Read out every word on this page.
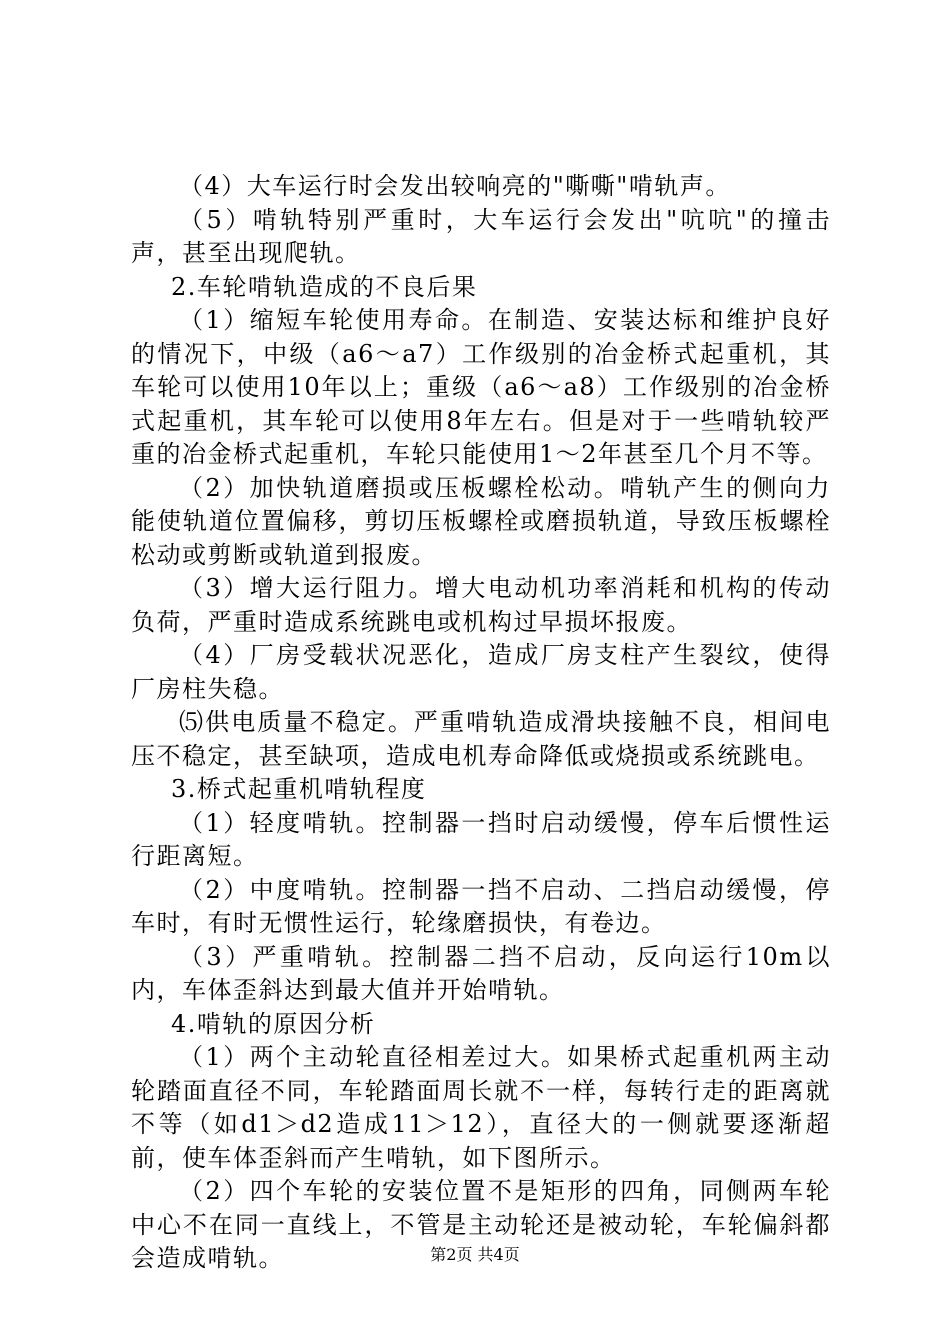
（4）大车运行时会发出较响亮的"嘶嘶"啃轨声。

（5）啃轨特别严重时，大车运行会发出"吭吭"的撞击声，甚至出现爬轨。

2.车轮啃轨造成的不良后果

（1）缩短车轮使用寿命。在制造、安装达标和维护良好的情况下，中级（a6～a7）工作级别的冶金桥式起重机，其车轮可以使用10年以上；重级（a6～a8）工作级别的冶金桥式起重机，其车轮可以使用8年左右。但是对于一些啃轨较严重的冶金桥式起重机，车轮只能使用1～2年甚至几个月不等。

（2）加快轨道磨损或压板螺栓松动。啃轨产生的侧向力能使轨道位置偏移，剪切压板螺栓或磨损轨道，导致压板螺栓松动或剪断或轨道到报废。

（3）增大运行阻力。增大电动机功率消耗和机构的传动负荷，严重时造成系统跳电或机构过早损坏报废。

（4）厂房受载状况恶化，造成厂房支柱产生裂纹，使得厂房柱失稳。

⑸供电质量不稳定。严重啃轨造成滑块接触不良，相间电压不稳定，甚至缺项，造成电机寿命降低或烧损或系统跳电。

3.桥式起重机啃轨程度

（1）轻度啃轨。控制器一挡时启动缓慢，停车后惯性运行距离短。

（2）中度啃轨。控制器一挡不启动、二挡启动缓慢，停车时，有时无惯性运行，轮缘磨损快，有卷边。

（3）严重啃轨。控制器二挡不启动，反向运行10m以内，车体歪斜达到最大值并开始啃轨。

4.啃轨的原因分析

（1）两个主动轮直径相差过大。如果桥式起重机两主动轮踏面直径不同，车轮踏面周长就不一样，每转行走的距离就不等（如d1＞d2造成11＞12），直径大的一侧就要逐渐超前，使车体歪斜而产生啃轨，如下图所示。

（2）四个车轮的安装位置不是矩形的四角，同侧两车轮中心不在同一直线上，不管是主动轮还是被动轮，车轮偏斜都会造成啃轨。	第2页 共4页
